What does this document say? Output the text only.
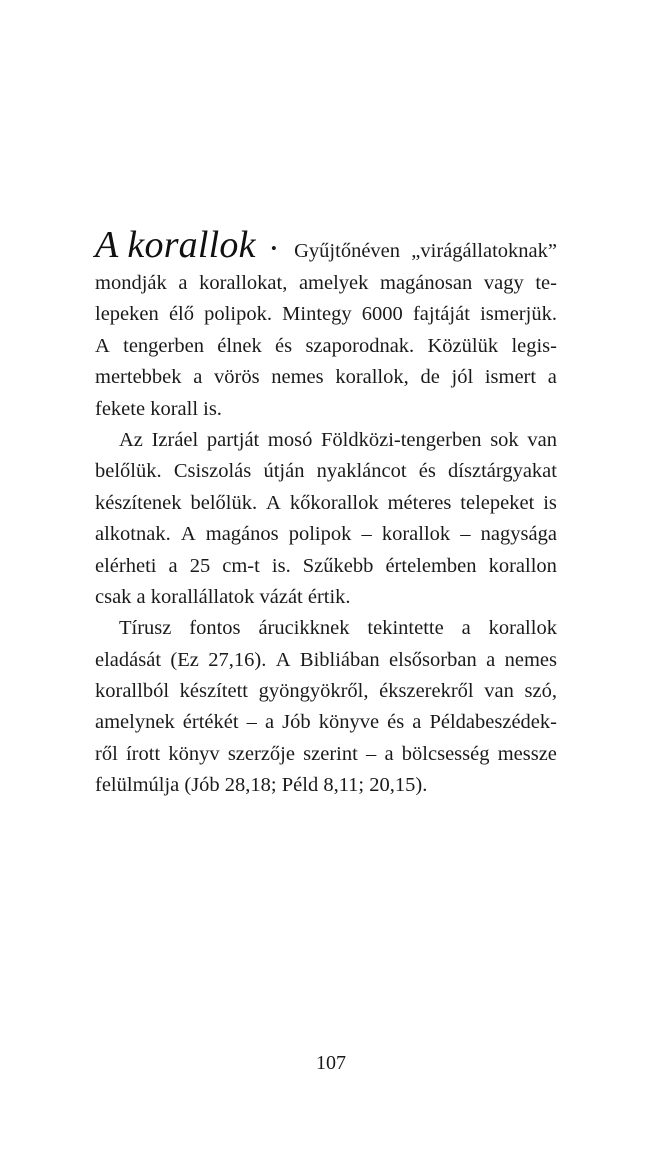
A korallok • Gyűjtőnéven „virágállatoknak”
mondják a korallokat, amelyek magánosan vagy te-
lepeken élő polipok. Mintegy 6000 fajtáját ismerjük.
A tengerben élnek és szaporodnak. Közülük legis-
mertebbek a vörös nemes korallok, de jól ismert a
fekete korall is.
Az Izráel partját mosó Földközi-tengerben sok van
belőlük. Csiszolás útján nyakláncot és dísztárgyakat
készítenek belőlük. A kőkorallok méteres telepeket is
alkotnak. A magános polipok – korallok – nagysága
elérheti a 25 cm-t is. Szűkebb értelemben korallon
csak a korallállatok vázát értik.
Tírusz fontos árucikknek tekintette a korallok
eladását (Ez 27,16). A Bibliában elsősorban a nemes
korallból készített gyöngyökről, ékszerekről van szó,
amelynek értékét – a Jób könyve és a Példabeszédek-
ről írott könyv szerzője szerint – a bölcsesség messze
felülmúlja (Jób 28,18; Péld 8,11; 20,15).
107
